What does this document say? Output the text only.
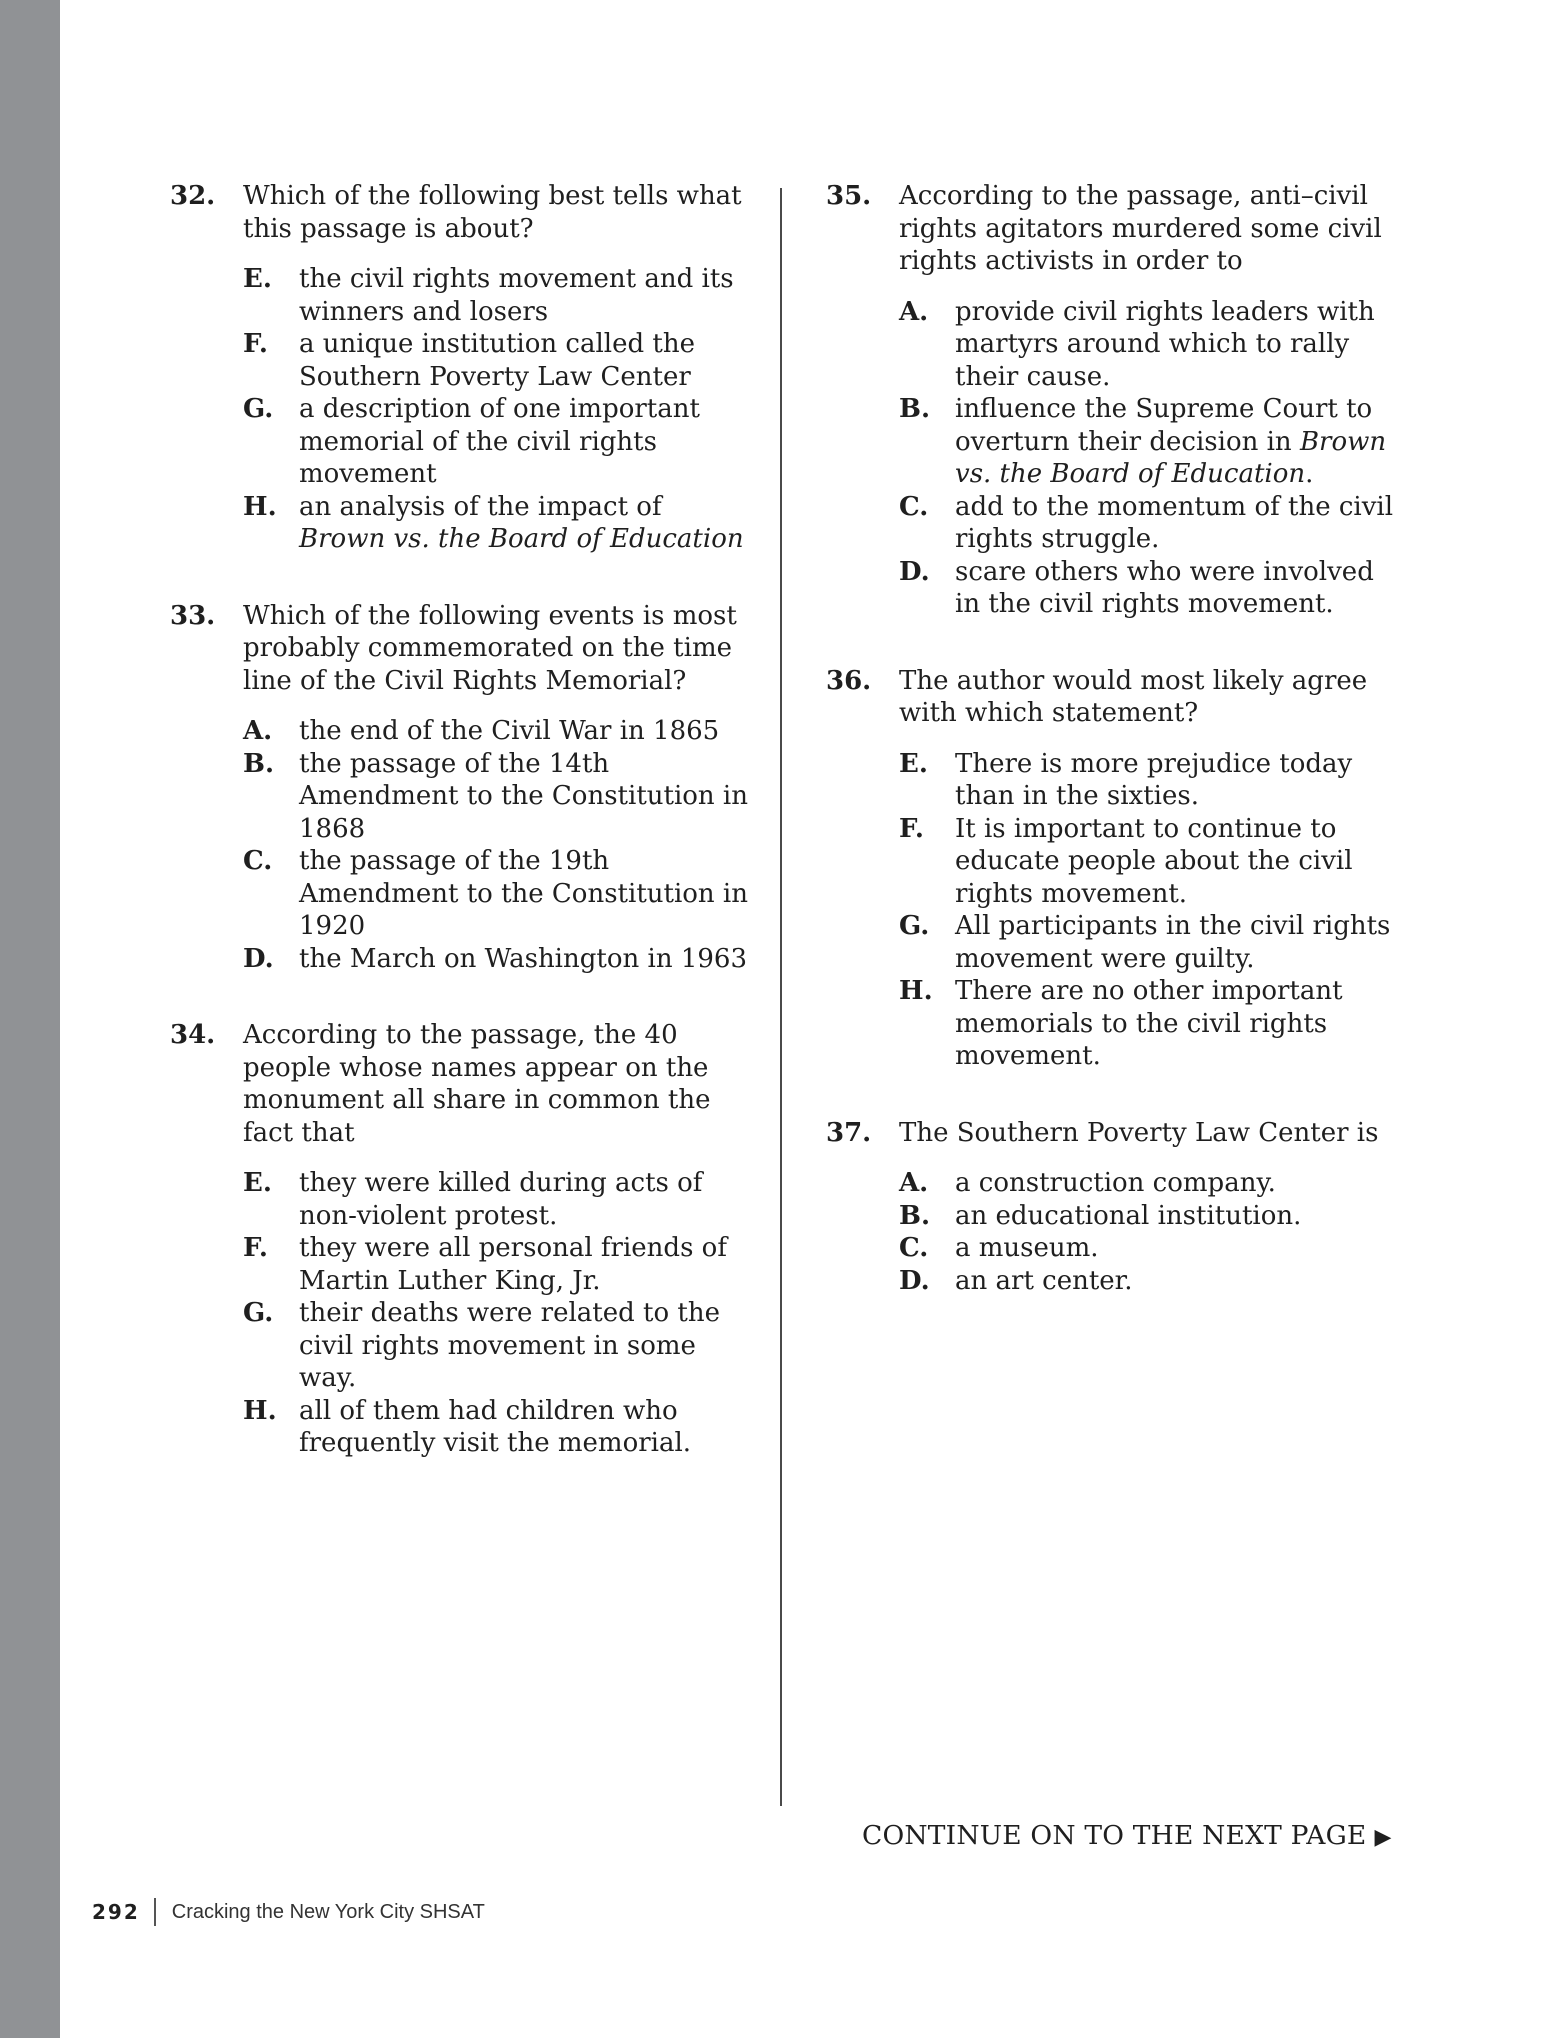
32. Which of the following best tells what this passage is about?
E. the civil rights movement and its winners and losers
F. a unique institution called the Southern Poverty Law Center
G. a description of one important memorial of the civil rights movement
H. an analysis of the impact of
Brown vs. the Board of Education
33. Which of the following events is most probably commemorated on the time line of the Civil Rights Memorial?
A. the end of the Civil War in 1865
B. the passage of the 14th Amendment to the Constitution in 1868
C. the passage of the 19th Amendment to the Constitution in 1920
D. the March on Washington in 1963
34. According to the passage, the 40 people whose names appear on the monument all share in common the fact that
E. they were killed during acts of non-violent protest.
F. they were all personal friends of Martin Luther King, Jr.
G. their deaths were related to the civil rights movement in some way.
H. all of them had children who frequently visit the memorial.
35. According to the passage, anti–civil rights agitators murdered some civil rights activists in order to
A. provide civil rights leaders with martyrs around which to rally their cause.
B. influence the Supreme Court to overturn their decision in Brown vs. the Board of Education.
C. add to the momentum of the civil rights struggle.
D. scare others who were involved in the civil rights movement.
36. The author would most likely agree with which statement?
E. There is more prejudice today than in the sixties.
F. It is important to continue to educate people about the civil rights movement.
G. All participants in the civil rights movement were guilty.
H. There are no other important memorials to the civil rights movement.
37. The Southern Poverty Law Center is
A. a construction company.
B. an educational institution.
C. a museum.
D. an art center.
CONTINUE ON TO THE NEXT PAGE ▶
292 Cracking the New York City SHSAT
